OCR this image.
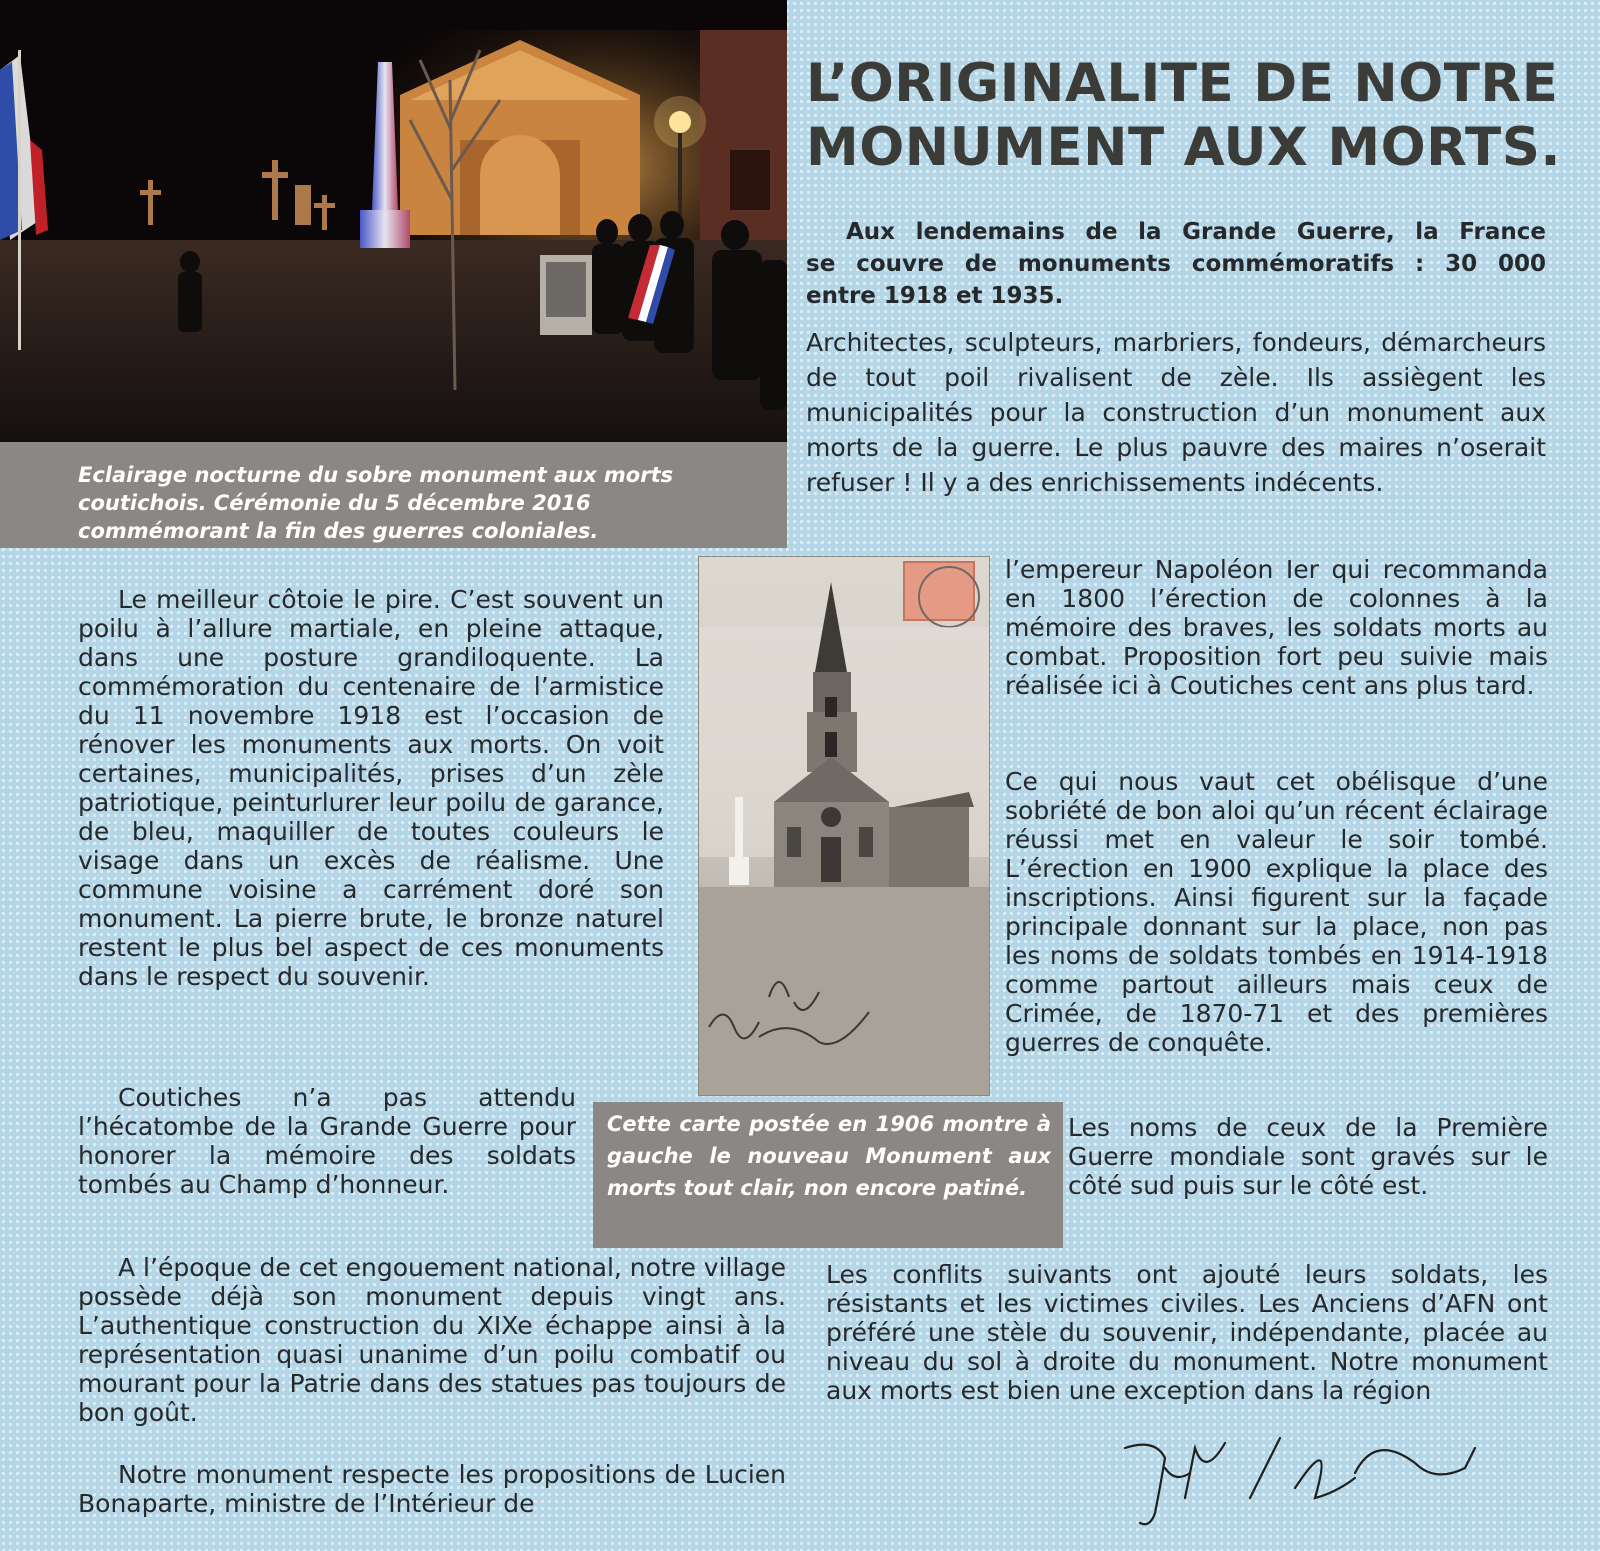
Eclairage nocturne du sobre monument aux morts coutichois. Cérémonie du 5 décembre 2016 commémorant la fin des guerres coloniales.
L’ORIGINALITE DE NOTRE
MONUMENT AUX MORTS.
Aux lendemains de la Grande Guerre, la France
se couvre de monuments commémoratifs : 30 000
entre 1918 et 1935.

Architectes, sculpteurs, marbriers, fondeurs, démarcheurs de tout poil rivalisent de zèle. Ils assiègent les municipalités pour la construction d’un monument aux morts de la guerre. Le plus pauvre des maires n’oserait refuser ! Il y a des enrichissements indécents.

Le meilleur côtoie le pire. C’est souvent un poilu à l’allure martiale, en pleine attaque, dans une posture grandiloquente. La commémoration du centenaire de l’armistice du 11 novembre 1918 est l’occasion de rénover les monuments aux morts. On voit certaines, municipalités, prises d’un zèle patriotique, peinturlurer leur poilu de garance, de bleu, maquiller de toutes couleurs le visage dans un excès de réalisme. Une commune voisine a carrément doré son monument. La pierre brute, le bronze naturel restent le plus bel aspect de ces monuments dans le respect du souvenir.

Coutiches n’a pas attendu l’hécatombe de la Grande Guerre pour honorer la mémoire des soldats tombés au Champ d’honneur.

A l’époque de cet engouement national, notre village possède déjà son monument depuis vingt ans. L’authentique construction du XIXe échappe ainsi à la représentation quasi unanime d’un poilu combatif ou mourant pour la Patrie dans des statues pas toujours de bon goût.

Notre monument respecte les propositions de Lucien Bonaparte, ministre de l’Intérieur de

Cette carte postée en 1906 montre à gauche le nouveau Monument aux morts tout clair, non encore patiné.

l’empereur Napoléon Ier qui recommanda en 1800 l’érection de colonnes à la mémoire des braves, les soldats morts au combat. Proposition fort peu suivie mais réalisée ici à Coutiches cent ans plus tard.

Ce qui nous vaut cet obélisque d’une sobriété de bon aloi qu’un récent éclairage réussi met en valeur le soir tombé. L’érection en 1900 explique la place des inscriptions. Ainsi figurent sur la façade principale donnant sur la place, non pas les noms de soldats tombés en 1914-1918 comme partout ailleurs mais ceux de Crimée, de 1870-71 et des premières guerres de conquête.

Les noms de ceux de la Première Guerre mondiale sont gravés sur le côté sud puis sur le côté est.

Les conflits suivants ont ajouté leurs soldats, les résistants et les victimes civiles. Les Anciens d’AFN ont préféré une stèle du souvenir, indépendante, placée au niveau du sol à droite du monument. Notre monument aux morts est bien une exception dans la région
